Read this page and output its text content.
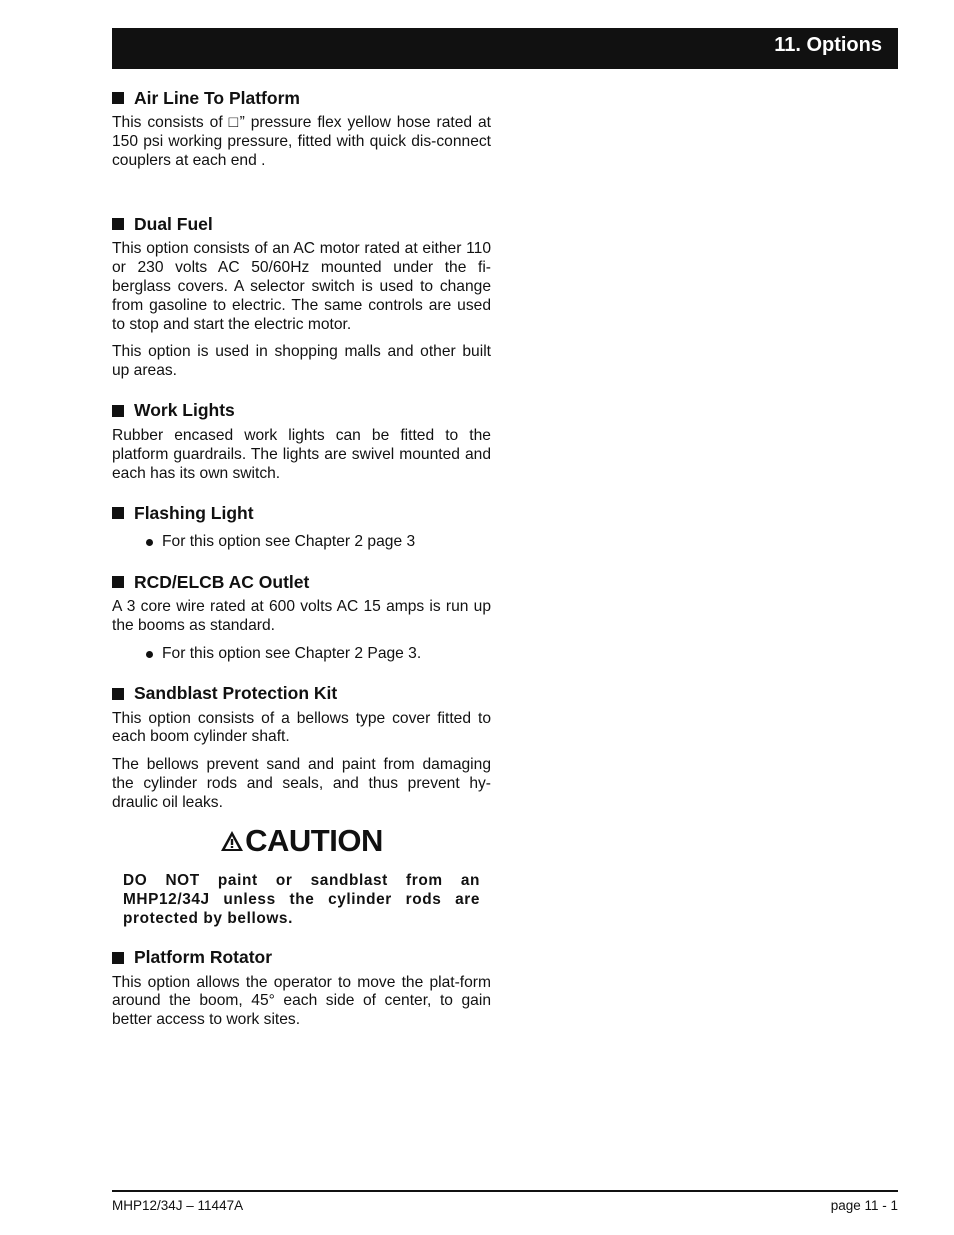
11. Options
Air Line To Platform

This consists of □” pressure flex yellow hose rated at 150 psi working pressure, fitted with quick dis-connect couplers at each end .

Dual Fuel

This option consists of an AC motor rated at either 110 or 230 volts AC 50/60Hz mounted under the fi-berglass covers. A selector switch is used to change from gasoline to electric. The same controls are used to stop and start the electric motor.

This option is used in shopping malls and other built up areas.

Work Lights

Rubber encased work lights can be fitted to the platform guardrails. The lights are swivel mounted and each has its own switch.

Flashing Light
For this option see Chapter 2 page 3
RCD/ELCB AC Outlet

A 3 core wire rated at 600 volts AC 15 amps is run up the booms as standard.

For this option see Chapter 2 Page 3.
Sandblast Protection Kit

This option consists of a bellows type cover fitted to each boom cylinder shaft.

The bellows prevent sand and paint from damaging the cylinder rods and seals, and thus prevent hy-draulic oil leaks.

CAUTION

DO NOT paint or sandblast from an MHP12/34J unless the cylinder rods are protected by bellows.

Platform Rotator

This option allows the operator to move the plat-form around the boom, 45° each side of center, to gain better access to work sites.

MHP12/34J – 11447A	page 11 - 1
